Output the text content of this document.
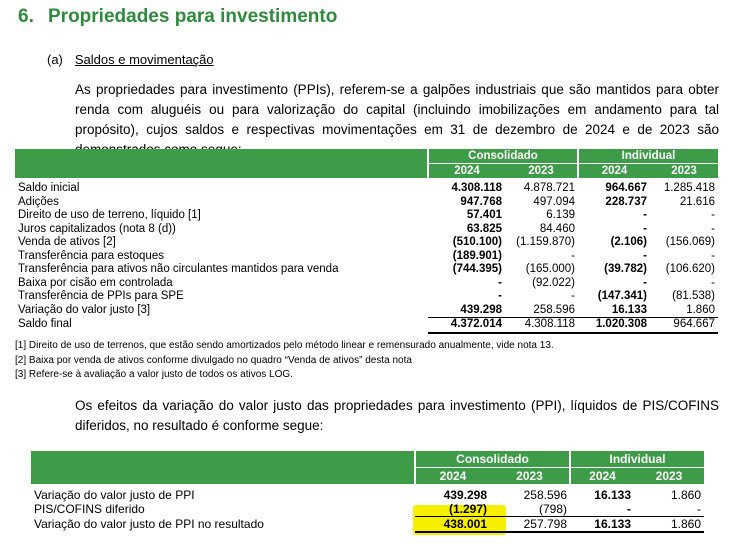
6. Propriedades para investimento
(a) Saldos e movimentação
As propriedades para investimento (PPIs), referem-se a galpões industriais que são mantidos para obter renda com aluguéis ou para valorização do capital (incluindo imobilizações em andamento para tal propósito), cujos saldos e respectivas movimentações em 31 de dezembro de 2024 e de 2023 são
	Consolidado		Individual	
	2024	2023	2024	2023

Saldo inicial	4.308.118	4.878.721	964.667	1.285.418
Adições	947.768	497.094	228.737	21.616
Direito de uso de terreno, líquido [1]	57.401	6.139	-	-
Juros capitalizados (nota 8 (d))	63.825	84.460	-	-
Venda de ativos [2]	(510.100)	(1.159.870)	(2.106)	(156.069)
Transferência para estoques	(189.901)	-	-	-
Transferência para ativos não circulantes mantidos para venda	(744.395)	(165.000)	(39.782)	(106.620)
Baixa por cisão em controlada	-	(92.022)	-	-
Transferência de PPIs para SPE	-	-	(147.341)	(81.538)
Variação do valor justo [3]	439.298	258.596	16.133	1.860
Saldo final	4.372.014	4.308.118	1.020.308	964.667
[1] Direito de uso de terrenos, que estão sendo amortizados pelo método linear e remensurado anualmente, vide nota 13.
[2] Baixa por venda de ativos conforme divulgado no quadro “Venda de ativos” desta nota
[3] Refere-se à avaliação a valor justo de todos os ativos LOG.
Os efeitos da variação do valor justo das propriedades para investimento (PPI), líquidos de PIS/COFINS diferidos, no resultado é conforme segue:
	Consolidado		Individual	
	2024	2023	2024	2023

Variação do valor justo de PPI	439.298	258.596	16.133	1.860
PIS/COFINS diferido	(1.297)	(798)	-	-
Variação do valor justo de PPI no resultado	438.001	257.798	16.133	1.860
